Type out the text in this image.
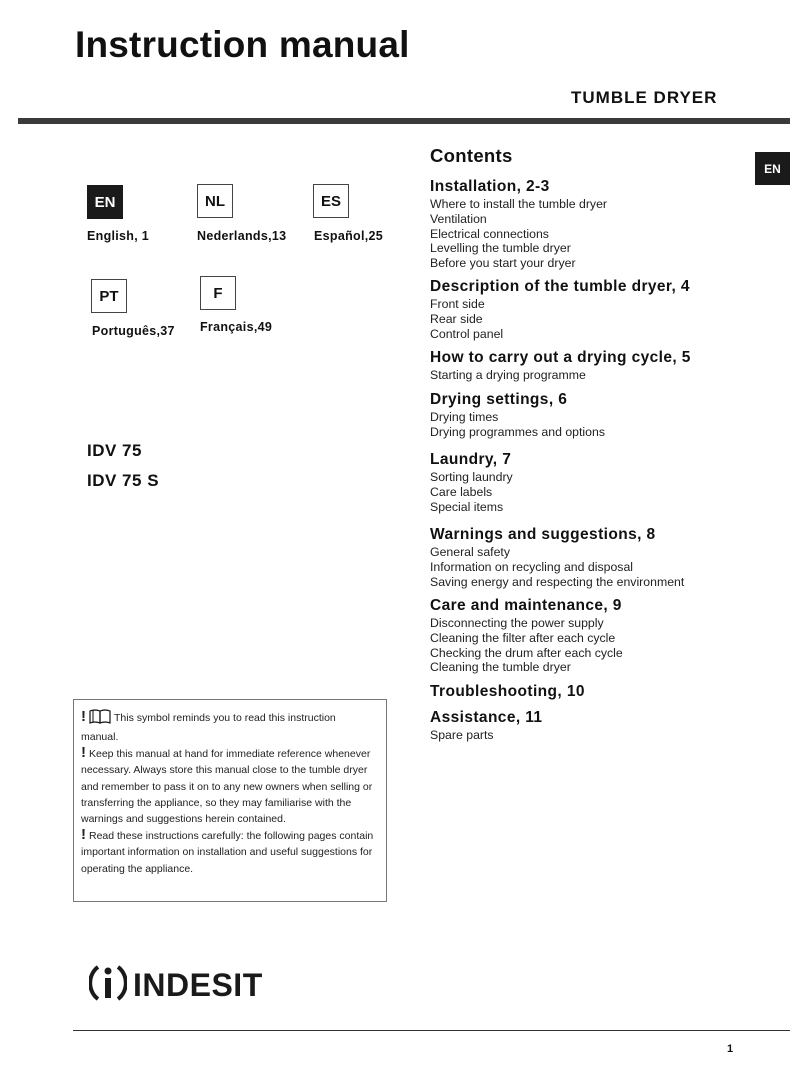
Instruction manual
TUMBLE DRYER
EN
English, 1
NL
Nederlands,13
ES
Español,25
PT
Português,37
F
Français,49
IDV 75
IDV 75 S

!	This symbol reminds you to read this instruction manual.

! Keep this manual at hand for immediate reference whenever necessary. Always store this manual close to the tumble dryer and remember to pass it on to any new owners when selling or transferring the appliance, so they may familiarise with the warnings and suggestions herein contained.

! Read these instructions carefully: the following pages contain important information on installation and useful suggestions for operating the appliance.

INDESIT
1
Contents
Installation, 2-3
Where to install the tumble dryer
Ventilation
Electrical connections
Levelling the tumble dryer
Before you start your dryer
Description of the tumble dryer, 4
Front side
Rear side
Control panel
How to carry out a drying cycle, 5
Starting a drying programme
Drying settings, 6
Drying times
Drying programmes and options
Laundry, 7
Sorting laundry
Care labels
Special items
Warnings and suggestions, 8
General safety
Information on recycling and disposal
Saving energy and respecting the environment
Care and maintenance, 9
Disconnecting the power supply
Cleaning the filter after each cycle
Checking the drum after each cycle
Cleaning the tumble dryer
Troubleshooting, 10
Assistance, 11
Spare parts
EN
